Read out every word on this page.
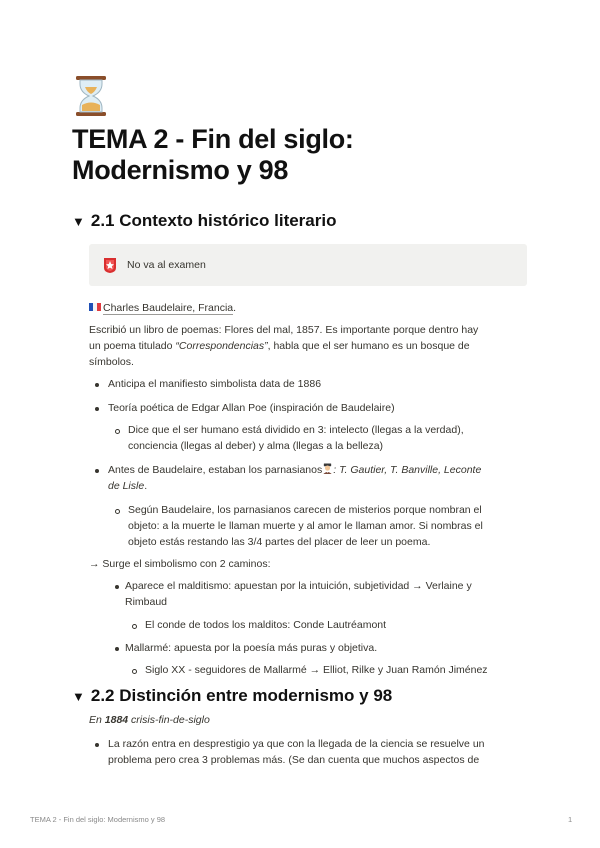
TEMA 2 - Fin del siglo:
Modernismo y 98
▼ 2.1 Contexto histórico literario
No va al examen
Charles Baudelaire, Francia.
Escribió un libro de poemas: Flores del mal, 1857. Es importante porque dentro hay
un poema titulado “Correspondencias”, habla que el ser humano es un bosque de
símbolos.
Anticipa el manifiesto simbolista data de 1886
Teoría poética de Edgar Allan Poe (inspiración de Baudelaire)
Dice que el ser humano está dividido en 3: intelecto (llegas a la verdad),
conciencia (llegas al deber) y alma (llegas a la belleza)
Antes de Baudelaire, estaban los parnasianos : T. Gautier, T. Banville, Leconte
de Lisle.
Según Baudelaire, los parnasianos carecen de misterios porque nombran el
objeto: a la muerte le llaman muerte y al amor le llaman amor. Si nombras el
objeto estás restando las 3/4 partes del placer de leer un poema.
→ Surge el simbolismo con 2 caminos:
Aparece el malditismo: apuestan por la intuición, subjetividad → Verlaine y
Rimbaud
El conde de todos los malditos: Conde Lautréamont
Mallarmé: apuesta por la poesía más puras y objetiva.
Siglo XX - seguidores de Mallarmé → Elliot, Rilke y Juan Ramón Jiménez
▼ 2.2 Distinción entre modernismo y 98
En 1884 crisis-fin-de-siglo
La razón entra en desprestigio ya que con la llegada de la ciencia se resuelve un
problema pero crea 3 problemas más. (Se dan cuenta que muchos aspectos de
TEMA 2 - Fin del siglo: Modernismo y 98	1
